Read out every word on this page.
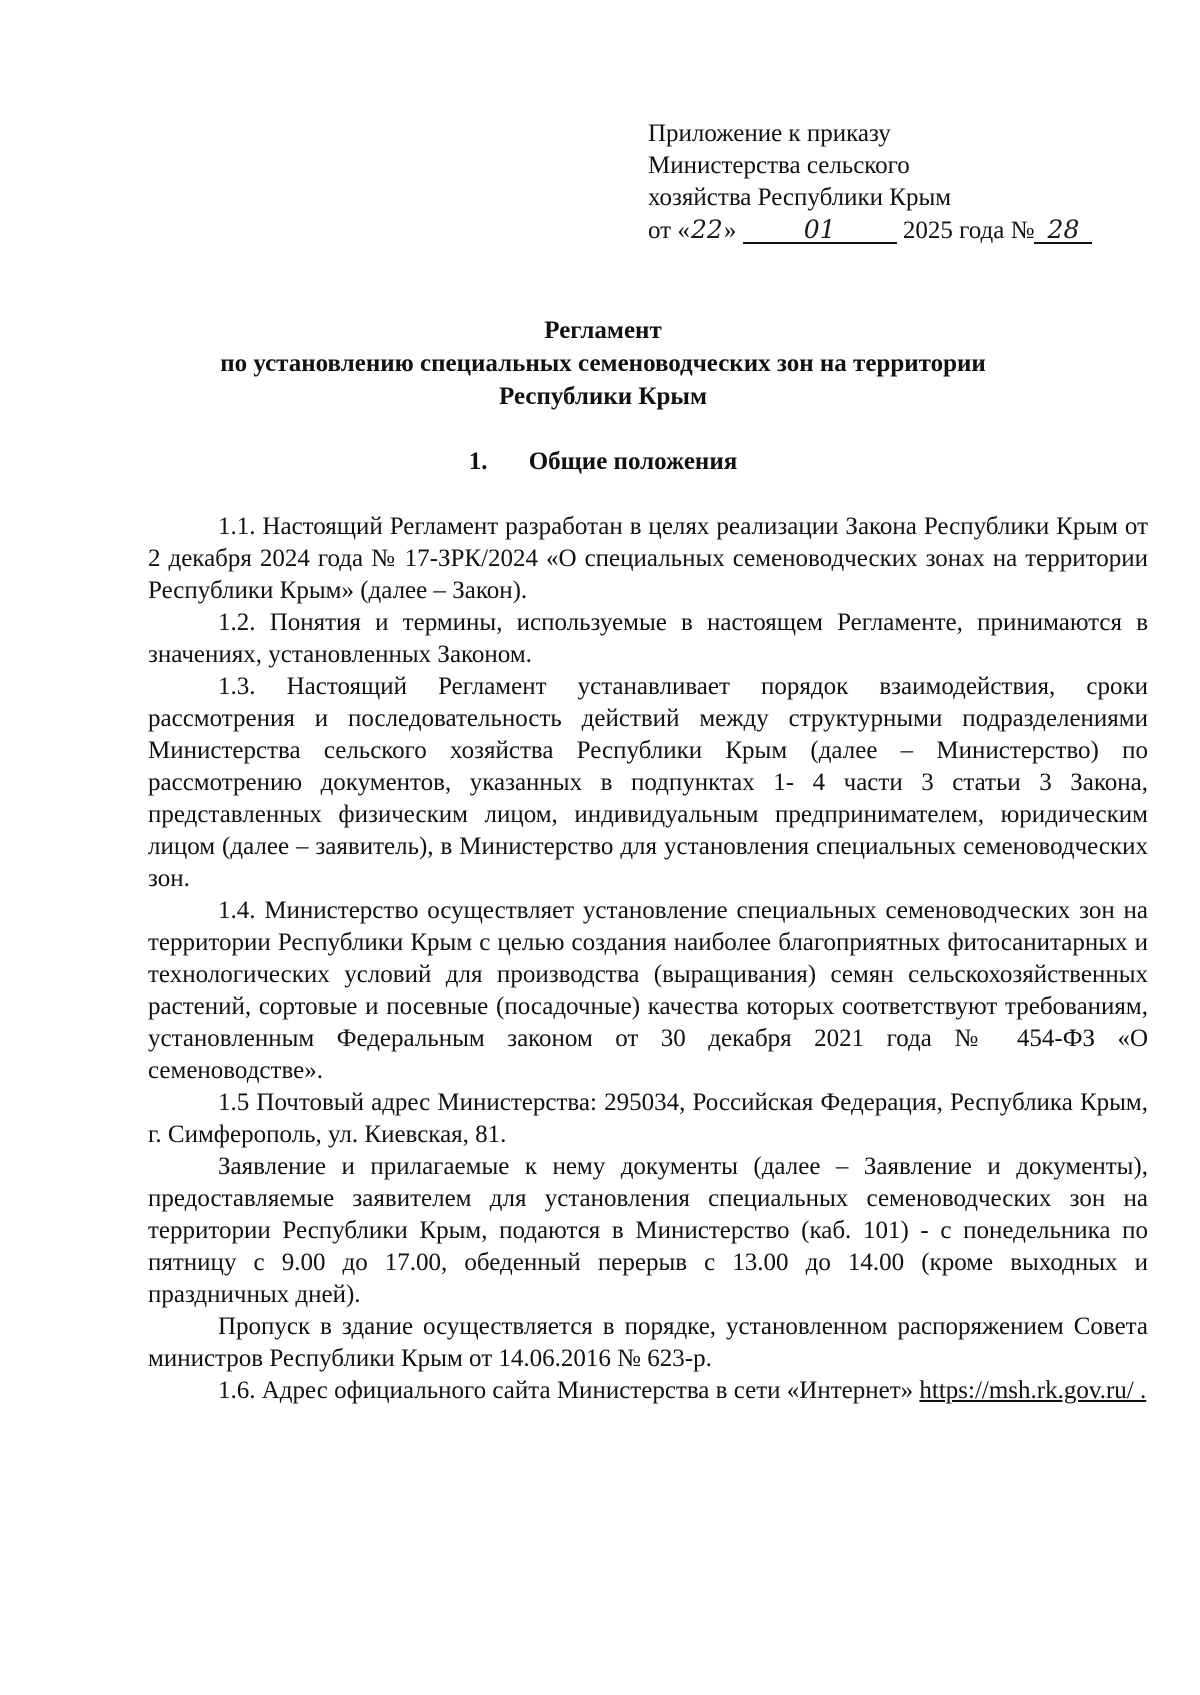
Приложение к приказу
Министерства сельского
хозяйства Республики Крым
от «22»	01	2025 года № 28
Регламент
по установлению специальных семеноводческих зон на территории
Республики Крым
1. Общие положения

1.1. Настоящий Регламент разработан в целях реализации Закона Республики Крым от 2 декабря 2024 года № 17-ЗРК/2024 «О специальных семеноводческих зонах на территории Республики Крым» (далее – Закон).

1.2. Понятия и термины, используемые в настоящем Регламенте, принимаются в значениях, установленных Законом.

1.3. Настоящий Регламент устанавливает порядок взаимодействия, сроки рассмотрения и последовательность действий между структурными подразделениями Министерства сельского хозяйства Республики Крым (далее – Министерство) по рассмотрению документов, указанных в подпунктах 1- 4 части 3 статьи 3 Закона, представленных физическим лицом, индивидуальным предпринимателем, юридическим лицом (далее – заявитель), в Министерство для установления специальных семеноводческих зон.

1.4. Министерство осуществляет установление специальных семеноводческих зон на территории Республики Крым с целью создания наиболее благоприятных фитосанитарных и технологических условий для производства (выращивания) семян сельскохозяйственных растений, сортовые и посевные (посадочные) качества которых соответствуют требованиям, установленным Федеральным законом от 30 декабря 2021 года № 454-ФЗ «О семеноводстве».

1.5 Почтовый адрес Министерства: 295034, Российская Федерация, Республика Крым, г. Симферополь, ул. Киевская, 81.

Заявление и прилагаемые к нему документы (далее – Заявление и документы), предоставляемые заявителем для установления специальных семеноводческих зон на территории Республики Крым, подаются в Министерство (каб. 101) - с понедельника по пятницу с 9.00 до 17.00, обеденный перерыв с 13.00 до 14.00 (кроме выходных и праздничных дней).

Пропуск в здание осуществляется в порядке, установленном распоряжением Совета министров Республики Крым от 14.06.2016 № 623-р.

1.6. Адрес официального сайта Министерства в сети «Интернет» https://msh.rk.gov.ru/ .
